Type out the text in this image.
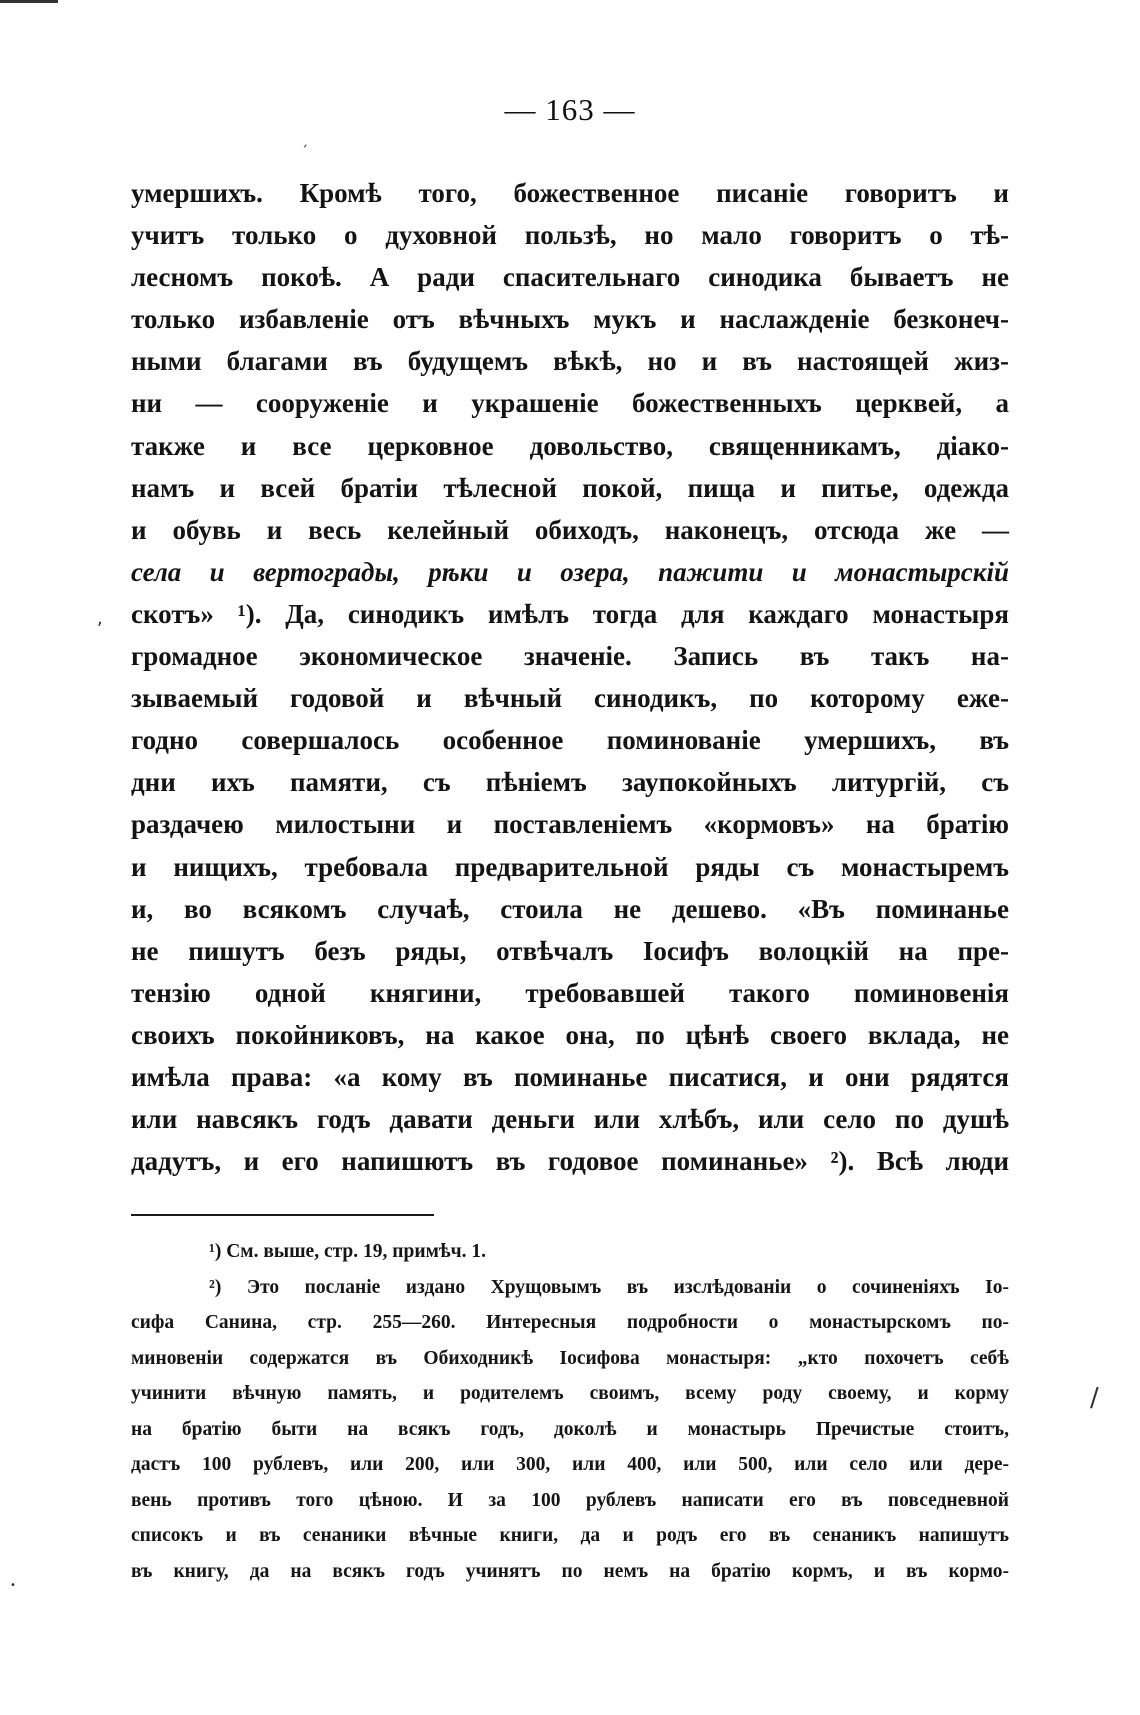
— 163 —
умершихъ. Кромѣ того, божественное писаніе говоритъ и
учитъ только о духовной пользѣ, но мало говоритъ о тѣ-
лесномъ покоѣ. А ради спасительнаго синодика бываетъ не
только избавленіе отъ вѣчныхъ мукъ и наслажденіе безконеч-
ными благами въ будущемъ вѣкѣ, но и въ настоящей жиз-
ни — сооруженіе и украшеніе божественныхъ церквей, а
также и все церковное довольство, священникамъ, діако-
намъ и всей братіи тѣлесной покой, пища и питье, одежда
и обувь и весь келейный обиходъ, наконецъ, отсюда же —
села и вертограды, рѣки и озера, пажити и монастырскій
скотъ» ¹). Да, синодикъ имѣлъ тогда для каждаго монастыря
громадное экономическое значеніе. Запись въ такъ на-
зываемый годовой и вѣчный синодикъ, по которому еже-
годно совершалось особенное поминованіе умершихъ, въ
дни ихъ памяти, съ пѣніемъ заупокойныхъ литургій, съ
раздачею милостыни и поставленіемъ «кормовъ» на братію
и нищихъ, требовала предварительной ряды съ монастыремъ
и, во всякомъ случаѣ, стоила не дешево. «Въ поминанье
не пишутъ безъ ряды, отвѣчалъ Іосифъ волоцкій на пре-
тензію одной княгини, требовавшей такого поминовенія
своихъ покойниковъ, на какое она, по цѣнѣ своего вклада, не
имѣла права: «а кому въ поминанье писатися, и они рядятся
или навсякъ годъ давати деньги или хлѣбъ, или село по душѣ
дадутъ, и его напишютъ въ годовое поминанье» ²). Всѣ люди
¹) См. выше, стр. 19, примѣч. 1.
²) Это посланіе издано Хрущовымъ въ изслѣдованіи о сочиненіяхъ Іо-
сифа Санина, стр. 255—260. Интересныя подробности о монастырскомъ по-
миновеніи содержатся въ Обиходникѣ Іосифова монастыря: „кто похочетъ себѣ
учинити вѣчную память, и родителемъ своимъ, всему роду своему, и корму
на братію быти на всякъ годъ, доколѣ и монастырь Пречистые стоитъ,
дастъ 100 рублевъ, или 200, или 300, или 400, или 500, или село или дере-
вень противъ того цѣною. И за 100 рублевъ написати его въ повседневной
списокъ и въ сенаники вѣчные книги, да и родъ его въ сенаникъ напишутъ
въ книгу, да на всякъ годъ учинятъ по немъ на братію кормъ, и въ кормо-
ˏ
/
,
•
